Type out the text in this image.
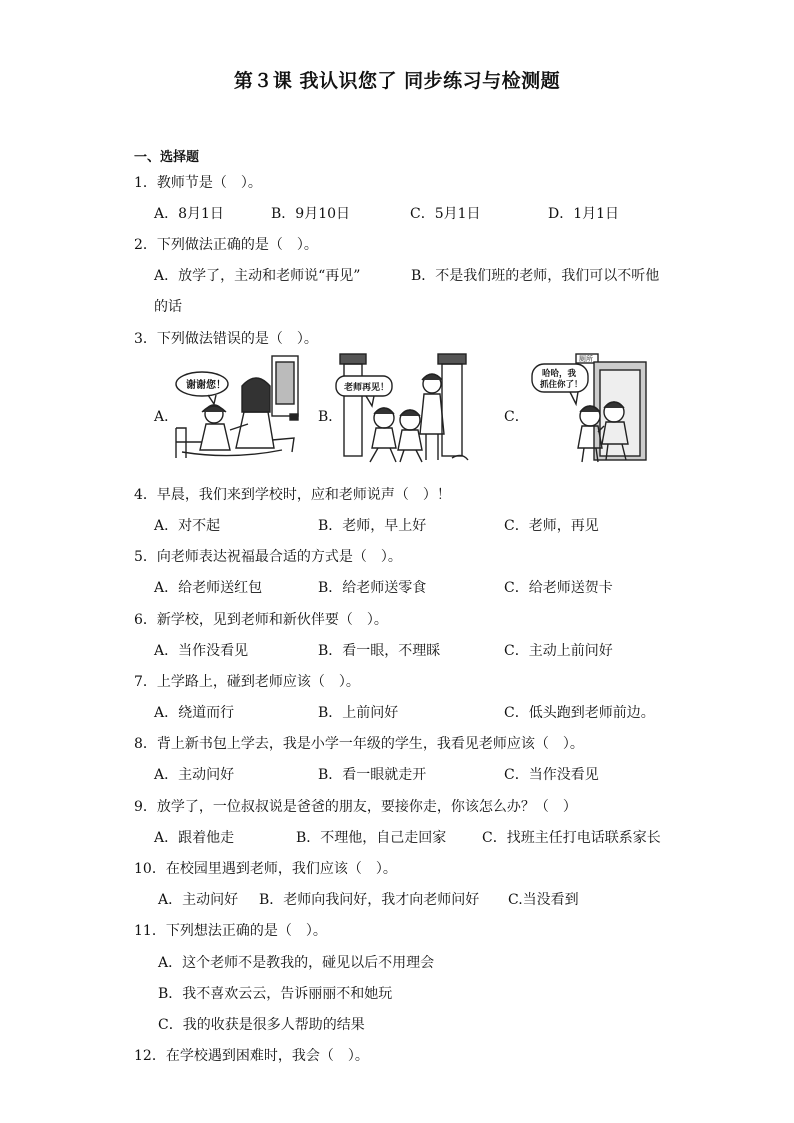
第３课 我认识您了 同步练习与检测题
一、选择题
1．教师节是（　）。
A．8月1日	B．9月10日	C．5月1日	D．1月1日
2．下列做法正确的是（　）。
A．放学了，主动和老师说“再见”	B．不是我们班的老师，我们可以不听他
的话
3．下列做法错误的是（　）。
A．	B．	C．
谢谢您！	老师再见！
厕所
哈哈，我
抓住你了！
4．早晨，我们来到学校时，应和老师说声（　）！
A．对不起	B．老师，早上好	C．老师，再见
5．向老师表达祝福最合适的方式是（　）。
A．给老师送红包	B．给老师送零食	C．给老师送贺卡
6．新学校，见到老师和新伙伴要（　）。
A．当作没看见	B．看一眼，不理睬	C．主动上前问好
7．上学路上，碰到老师应该（　）。
A．绕道而行	B．上前问好	C．低头跑到老师前边。
8．背上新书包上学去，我是小学一年级的学生，我看见老师应该（　）。
A．主动问好	B．看一眼就走开	C．当作没看见
9．放学了，一位叔叔说是爸爸的朋友，要接你走，你该怎么办？（　）
A．跟着他走	B．不理他，自己走回家	C．找班主任打电话联系家长
10．在校园里遇到老师，我们应该（　）。
A．主动问好 B．老师向我问好，我才向老师问好 C.当没看到
11．下列想法正确的是（　）。
A．这个老师不是教我的，碰见以后不用理会
B．我不喜欢云云，告诉丽丽不和她玩
C．我的收获是很多人帮助的结果
12．在学校遇到困难时，我会（　）。
